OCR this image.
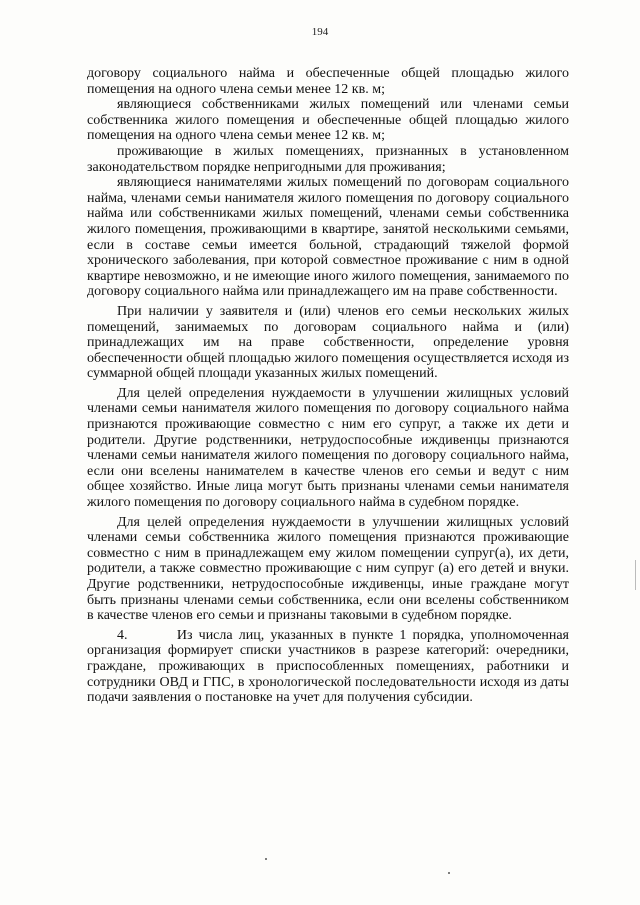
194

договору социального найма и обеспеченные общей площадью жилого помещения на одного члена семьи менее 12 кв. м;

являющиеся собственниками жилых помещений или членами семьи собственника жилого помещения и обеспеченные общей площадью жилого помещения на одного члена семьи менее 12 кв. м;

проживающие в жилых помещениях, признанных в установленном законодательством порядке непригодными для проживания;

являющиеся нанимателями жилых помещений по договорам социального найма, членами семьи нанимателя жилого помещения по договору социального найма или собственниками жилых помещений, членами семьи собственника жилого помещения, проживающими в квартире, занятой несколькими семьями, если в составе семьи имеется больной, страдающий тяжелой формой хронического заболевания, при которой совместное проживание с ним в одной квартире невозможно, и не имеющие иного жилого помещения, занимаемого по договору социального найма или принадлежащего им на праве собственности.

При наличии у заявителя и (или) членов его семьи нескольких жилых помещений, занимаемых по договорам социального найма и (или) принадлежащих им на праве собственности, определение уровня обеспеченности общей площадью жилого помещения осуществляется исходя из суммарной общей площади указанных жилых помещений.

Для целей определения нуждаемости в улучшении жилищных условий членами семьи нанимателя жилого помещения по договору социального найма признаются проживающие совместно с ним его супруг, а также их дети и родители. Другие родственники, нетрудоспособные иждивенцы признаются членами семьи нанимателя жилого помещения по договору социального найма, если они вселены нанимателем в качестве членов его семьи и ведут с ним общее хозяйство. Иные лица могут быть признаны членами семьи нанимателя жилого помещения по договору социального найма в судебном порядке.

Для целей определения нуждаемости в улучшении жилищных условий членами семьи собственника жилого помещения признаются проживающие совместно с ним в принадлежащем ему жилом помещении супруг(а), их дети, родители, а также совместно проживающие с ним супруг (а) его детей и внуки. Другие родственники, нетрудоспособные иждивенцы, иные граждане могут быть признаны членами семьи собственника, если они вселены собственником в качестве членов его семьи и признаны таковыми в судебном порядке.

4.        Из числа лиц, указанных в пункте 1 порядка, уполномоченная организация формирует списки участников в разрезе категорий: очередники, граждане, проживающих в приспособленных помещениях, работники и сотрудники ОВД и ГПС, в хронологической последовательности исходя из даты подачи заявления о постановке на учет для получения субсидии.
